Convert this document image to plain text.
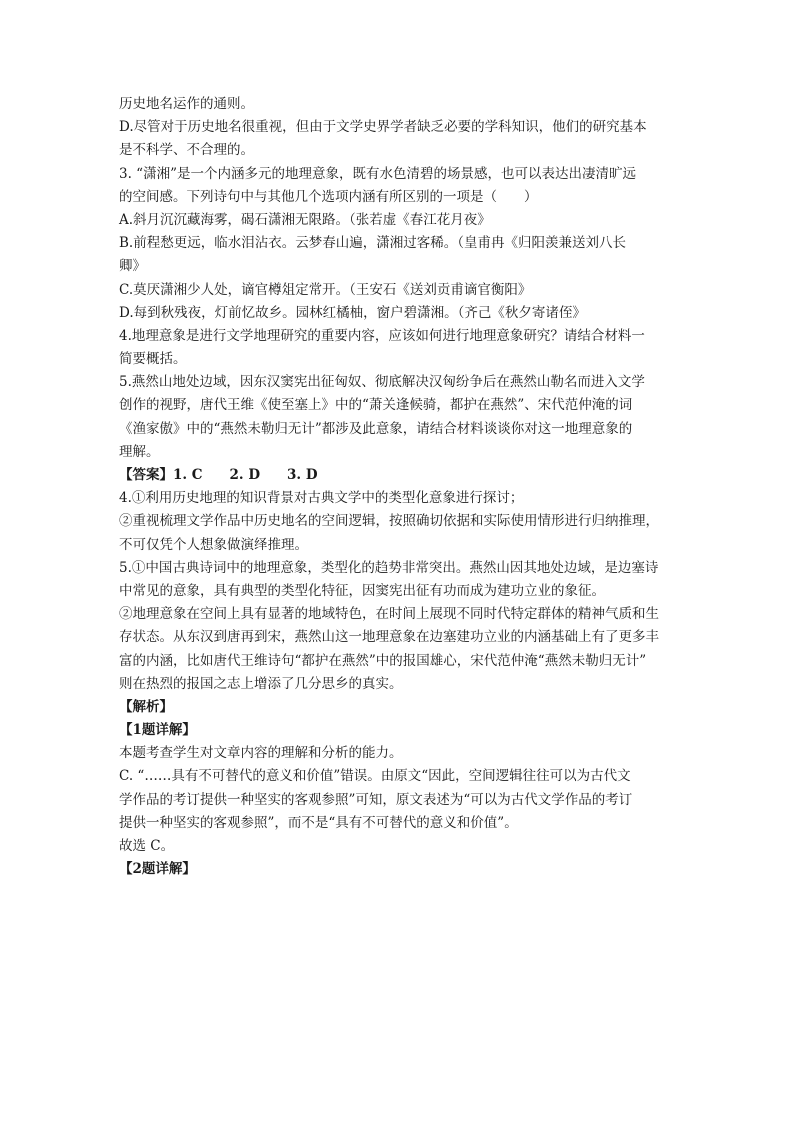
历史地名运作的通则。
D.尽管对于历史地名很重视，但由于文学史界学者缺乏必要的学科知识，他们的研究基本
是不科学、不合理的。
3. “潇湘”是一个内涵多元的地理意象，既有水色清碧的场景感，也可以表达出凄清旷远
的空间感。下列诗句中与其他几个选项内涵有所区别的一项是（　　）
A.斜月沉沉藏海雾，碣石潇湘无限路。（张若虚《春江花月夜》
B.前程愁更远，临水泪沾衣。云梦春山遍，潇湘过客稀。（皇甫冉《归阳羡兼送刘八长
卿》
C.莫厌潇湘少人处，谪官樽俎定常开。（王安石《送刘贡甫谪官衡阳》
D.每到秋残夜，灯前忆故乡。园林红橘柚，窗户碧潇湘。（齐己《秋夕寄诸侄》
4.地理意象是进行文学地理研究的重要内容，应该如何进行地理意象研究？请结合材料一
简要概括。
5.燕然山地处边域，因东汉窦宪出征匈奴、彻底解决汉匈纷争后在燕然山勒名而进入文学
创作的视野，唐代王维《使至塞上》中的“萧关逢候骑，都护在燕然”、宋代范仲淹的词
《渔家傲》中的“燕然未勒归无计”都涉及此意象，请结合材料谈谈你对这一地理意象的
理解。
【答案】1. C　　2. D　　3. D
4.①利用历史地理的知识背景对古典文学中的类型化意象进行探讨；
②重视梳理文学作品中历史地名的空间逻辑，按照确切依据和实际使用情形进行归纳推理，
不可仅凭个人想象做演绎推理。
5.①中国古典诗词中的地理意象，类型化的趋势非常突出。燕然山因其地处边域，是边塞诗
中常见的意象，具有典型的类型化特征，因窦宪出征有功而成为建功立业的象征。
②地理意象在空间上具有显著的地域特色，在时间上展现不同时代特定群体的精神气质和生
存状态。从东汉到唐再到宋，燕然山这一地理意象在边塞建功立业的内涵基础上有了更多丰
富的内涵，比如唐代王维诗句“都护在燕然”中的报国雄心，宋代范仲淹“燕然未勒归无计”
则在热烈的报国之志上增添了几分思乡的真实。
【解析】
【1题详解】
本题考查学生对文章内容的理解和分析的能力。
C. “……具有不可替代的意义和价值”错误。由原文“因此，空间逻辑往往可以为古代文
学作品的考订提供一种坚实的客观参照”可知，原文表述为“可以为古代文学作品的考订
提供一种坚实的客观参照”，而不是“具有不可替代的意义和价值”。
故选 C。
【2题详解】
